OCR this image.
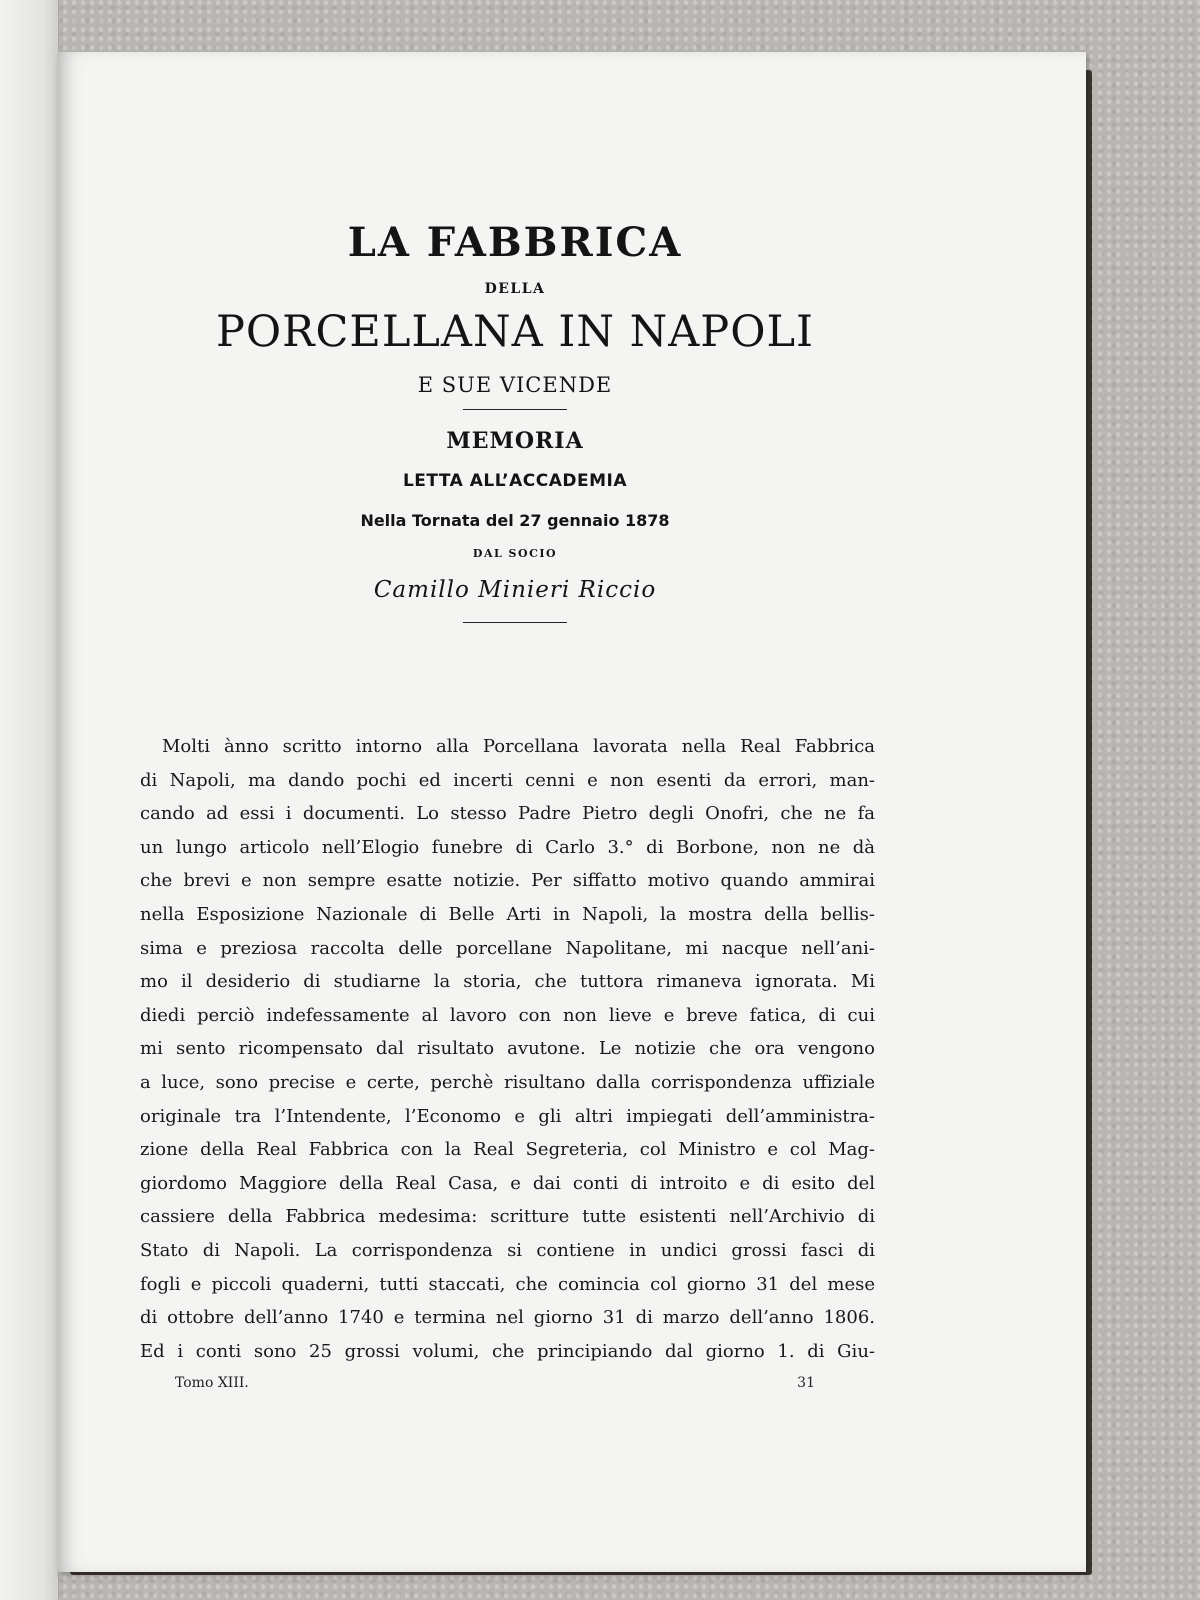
LA FABBRICA
DELLA
PORCELLANA IN NAPOLI
E SUE VICENDE
MEMORIA
LETTA ALL’ACCADEMIA
Nella Tornata del 27 gennaio 1878
DAL SOCIO
Camillo Minieri Riccio
Molti ànno scritto intorno alla Porcellana lavorata nella Real Fabbrica
di Napoli, ma dando pochi ed incerti cenni e non esenti da errori, man-
cando ad essi i documenti. Lo stesso Padre Pietro degli Onofri, che ne fa
un lungo articolo nell’Elogio funebre di Carlo 3.° di Borbone, non ne dà
che brevi e non sempre esatte notizie. Per siffatto motivo quando ammirai
nella Esposizione Nazionale di Belle Arti in Napoli, la mostra della bellis-
sima e preziosa raccolta delle porcellane Napolitane, mi nacque nell’ani-
mo il desiderio di studiarne la storia, che tuttora rimaneva ignorata. Mi
diedi perciò indefessamente al lavoro con non lieve e breve fatica, di cui
mi sento ricompensato dal risultato avutone. Le notizie che ora vengono
a luce, sono precise e certe, perchè risultano dalla corrispondenza uffiziale
originale tra l’Intendente, l’Economo e gli altri impiegati dell’amministra-
zione della Real Fabbrica con la Real Segreteria, col Ministro e col Mag-
giordomo Maggiore della Real Casa, e dai conti di introito e di esito del
cassiere della Fabbrica medesima: scritture tutte esistenti nell’Archivio di
Stato di Napoli. La corrispondenza si contiene in undici grossi fasci di
fogli e piccoli quaderni, tutti staccati, che comincia col giorno 31 del mese
di ottobre dell’anno 1740 e termina nel giorno 31 di marzo dell’anno 1806.
Ed i conti sono 25 grossi volumi, che principiando dal giorno 1. di Giu-
Tomo XIII.	31
